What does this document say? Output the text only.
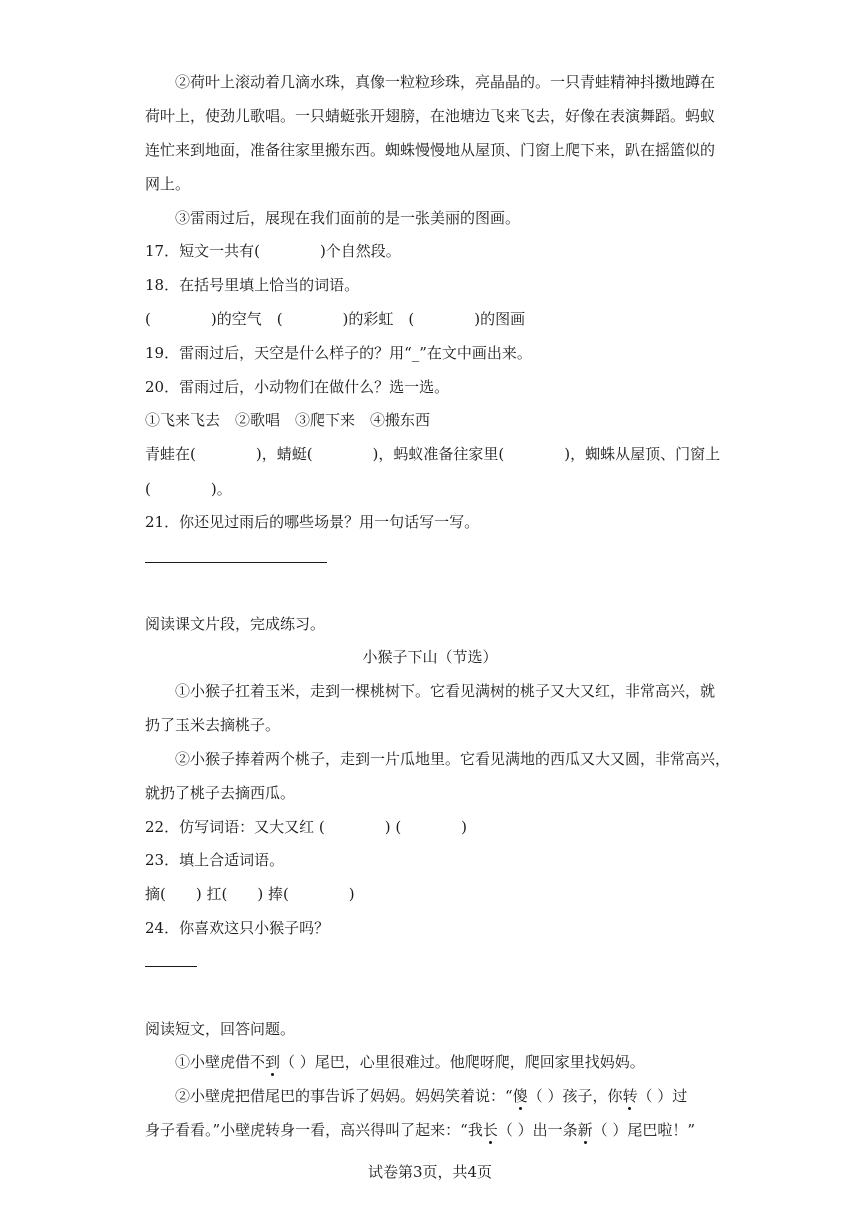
②荷叶上滚动着几滴水珠，真像一粒粒珍珠，亮晶晶的。一只青蛙精神抖擞地蹲在
荷叶上，使劲儿歌唱。一只蜻蜓张开翅膀，在池塘边飞来飞去，好像在表演舞蹈。蚂蚁
连忙来到地面，准备往家里搬东西。蜘蛛慢慢地从屋顶、门窗上爬下来，趴在摇篮似的
网上。
③雷雨过后，展现在我们面前的是一张美丽的图画。
17．短文一共有(　　　　)个自然段。
18．在括号里填上恰当的词语。
(　　　　)的空气　(　　　　)的彩虹　(　　　　)的图画
19．雷雨过后，天空是什么样子的？用“_”在文中画出来。
20．雷雨过后，小动物们在做什么？选一选。
①飞来飞去　②歌唱　③爬下来　④搬东西
青蛙在(　　　　)，蜻蜓(　　　　)，蚂蚁准备往家里(　　　　)，蜘蛛从屋顶、门窗上
(　　　　)。
21．你还见过雨后的哪些场景？用一句话写一写。
阅读课文片段，完成练习。
小猴子下山（节选）
①小猴子扛着玉米，走到一棵桃树下。它看见满树的桃子又大又红，非常高兴，就
扔了玉米去摘桃子。
②小猴子捧着两个桃子，走到一片瓜地里。它看见满地的西瓜又大又圆，非常高兴，
就扔了桃子去摘西瓜。
22．仿写词语：又大又红 (　　　　) (　　　　)
23．填上合适词语。
摘(　　) 扛(　　) 捧(　　　　)
24．你喜欢这只小猴子吗？
阅读短文，回答问题。
①小壁虎借不到（ ）尾巴，心里很难过。他爬呀爬，爬回家里找妈妈。
②小壁虎把借尾巴的事告诉了妈妈。妈妈笑着说：“傻（ ）孩子，你转（ ）过
身子看看。”小壁虎转身一看，高兴得叫了起来：“我长（ ）出一条新（ ）尾巴啦！”
试卷第3页，共4页
